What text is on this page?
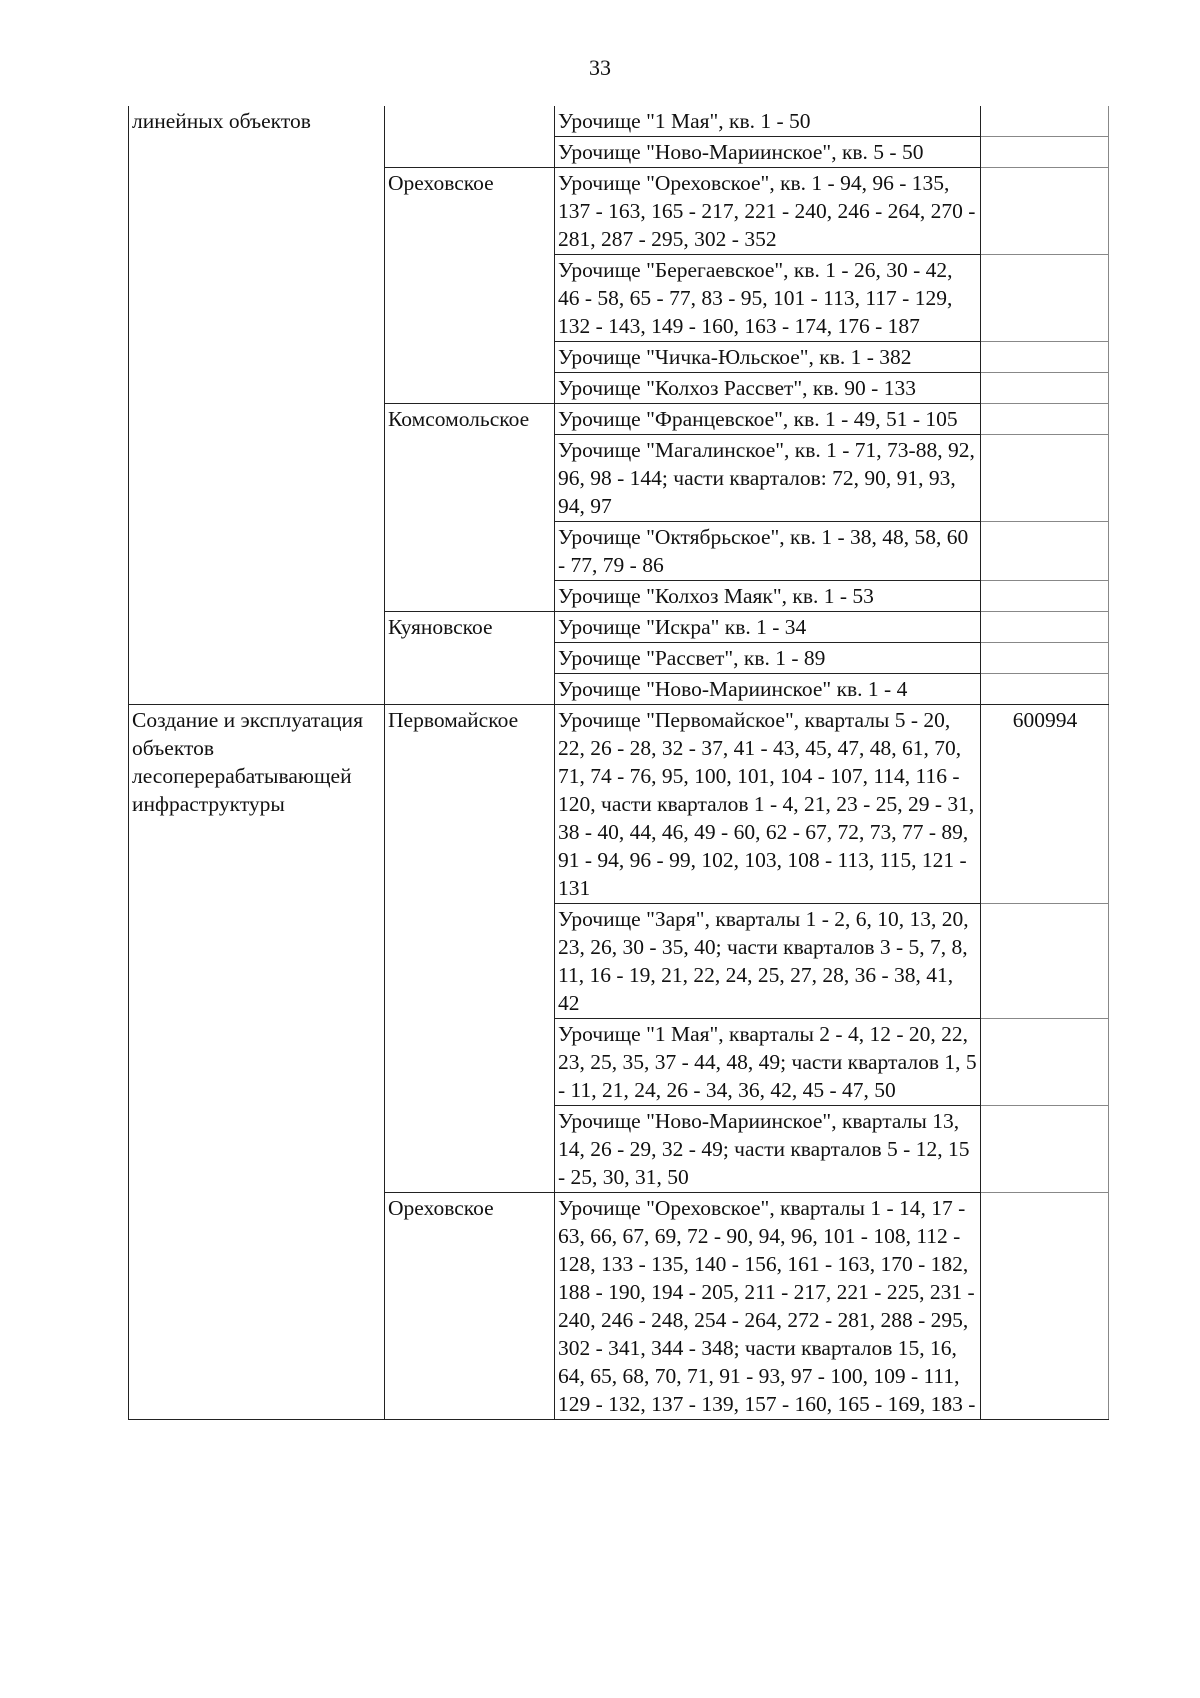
33
линейных объектов		Урочище "1 Мая", кв. 1 - 50	
		Урочище "Ново-Мариинское", кв. 5 - 50	
	Ореховское	Урочище "Ореховское", кв. 1 - 94, 96 - 135, 137 - 163, 165 - 217, 221 - 240, 246 - 264, 270 - 281, 287 - 295, 302 - 352	
		Урочище "Берегаевское", кв. 1 - 26, 30 - 42, 46 - 58, 65 - 77, 83 - 95, 101 - 113, 117 - 129, 132 - 143, 149 - 160, 163 - 174, 176 - 187	
		Урочище "Чичка-Юльское", кв. 1 - 382	
		Урочище "Колхоз Рассвет", кв. 90 - 133	
	Комсомольское	Урочище "Францевское", кв. 1 - 49, 51 - 105	
		Урочище "Магалинское", кв. 1 - 71, 73-88, 92, 96, 98 - 144; части кварталов: 72, 90, 91, 93, 94, 97	
		Урочище "Октябрьское", кв. 1 - 38, 48, 58, 60 - 77, 79 - 86	
		Урочище "Колхоз Маяк", кв. 1 - 53	
	Куяновское	Урочище "Искра" кв. 1 - 34	
		Урочище "Рассвет", кв. 1 - 89	
		Урочище "Ново-Мариинское" кв. 1 - 4	
Создание и эксплуатация объектов лесоперерабатывающей инфраструктуры	Первомайское	Урочище "Первомайское", кварталы 5 - 20, 22, 26 - 28, 32 - 37, 41 - 43, 45, 47, 48, 61, 70, 71, 74 - 76, 95, 100, 101, 104 - 107, 114, 116 - 120, части кварталов 1 - 4, 21, 23 - 25, 29 - 31, 38 - 40, 44, 46, 49 - 60, 62 - 67, 72, 73, 77 - 89, 91 - 94, 96 - 99, 102, 103, 108 - 113, 115, 121 - 131	600994
		Урочище "Заря", кварталы 1 - 2, 6, 10, 13, 20, 23, 26, 30 - 35, 40; части кварталов 3 - 5, 7, 8, 11, 16 - 19, 21, 22, 24, 25, 27, 28, 36 - 38, 41, 42	
		Урочище "1 Мая", кварталы 2 - 4, 12 - 20, 22, 23, 25, 35, 37 - 44, 48, 49; части кварталов 1, 5 - 11, 21, 24, 26 - 34, 36, 42, 45 - 47, 50	
		Урочище "Ново-Мариинское", кварталы 13, 14, 26 - 29, 32 - 49; части кварталов 5 - 12, 15 - 25, 30, 31, 50	
	Ореховское	Урочище "Ореховское", кварталы 1 - 14, 17 - 63, 66, 67, 69, 72 - 90, 94, 96, 101 - 108, 112 - 128, 133 - 135, 140 - 156, 161 - 163, 170 - 182, 188 - 190, 194 - 205, 211 - 217, 221 - 225, 231 - 240, 246 - 248, 254 - 264, 272 - 281, 288 - 295, 302 - 341, 344 - 348; части кварталов 15, 16, 64, 65, 68, 70, 71, 91 - 93, 97 - 100, 109 - 111, 129 - 132, 137 - 139, 157 - 160, 165 - 169, 183 -	
